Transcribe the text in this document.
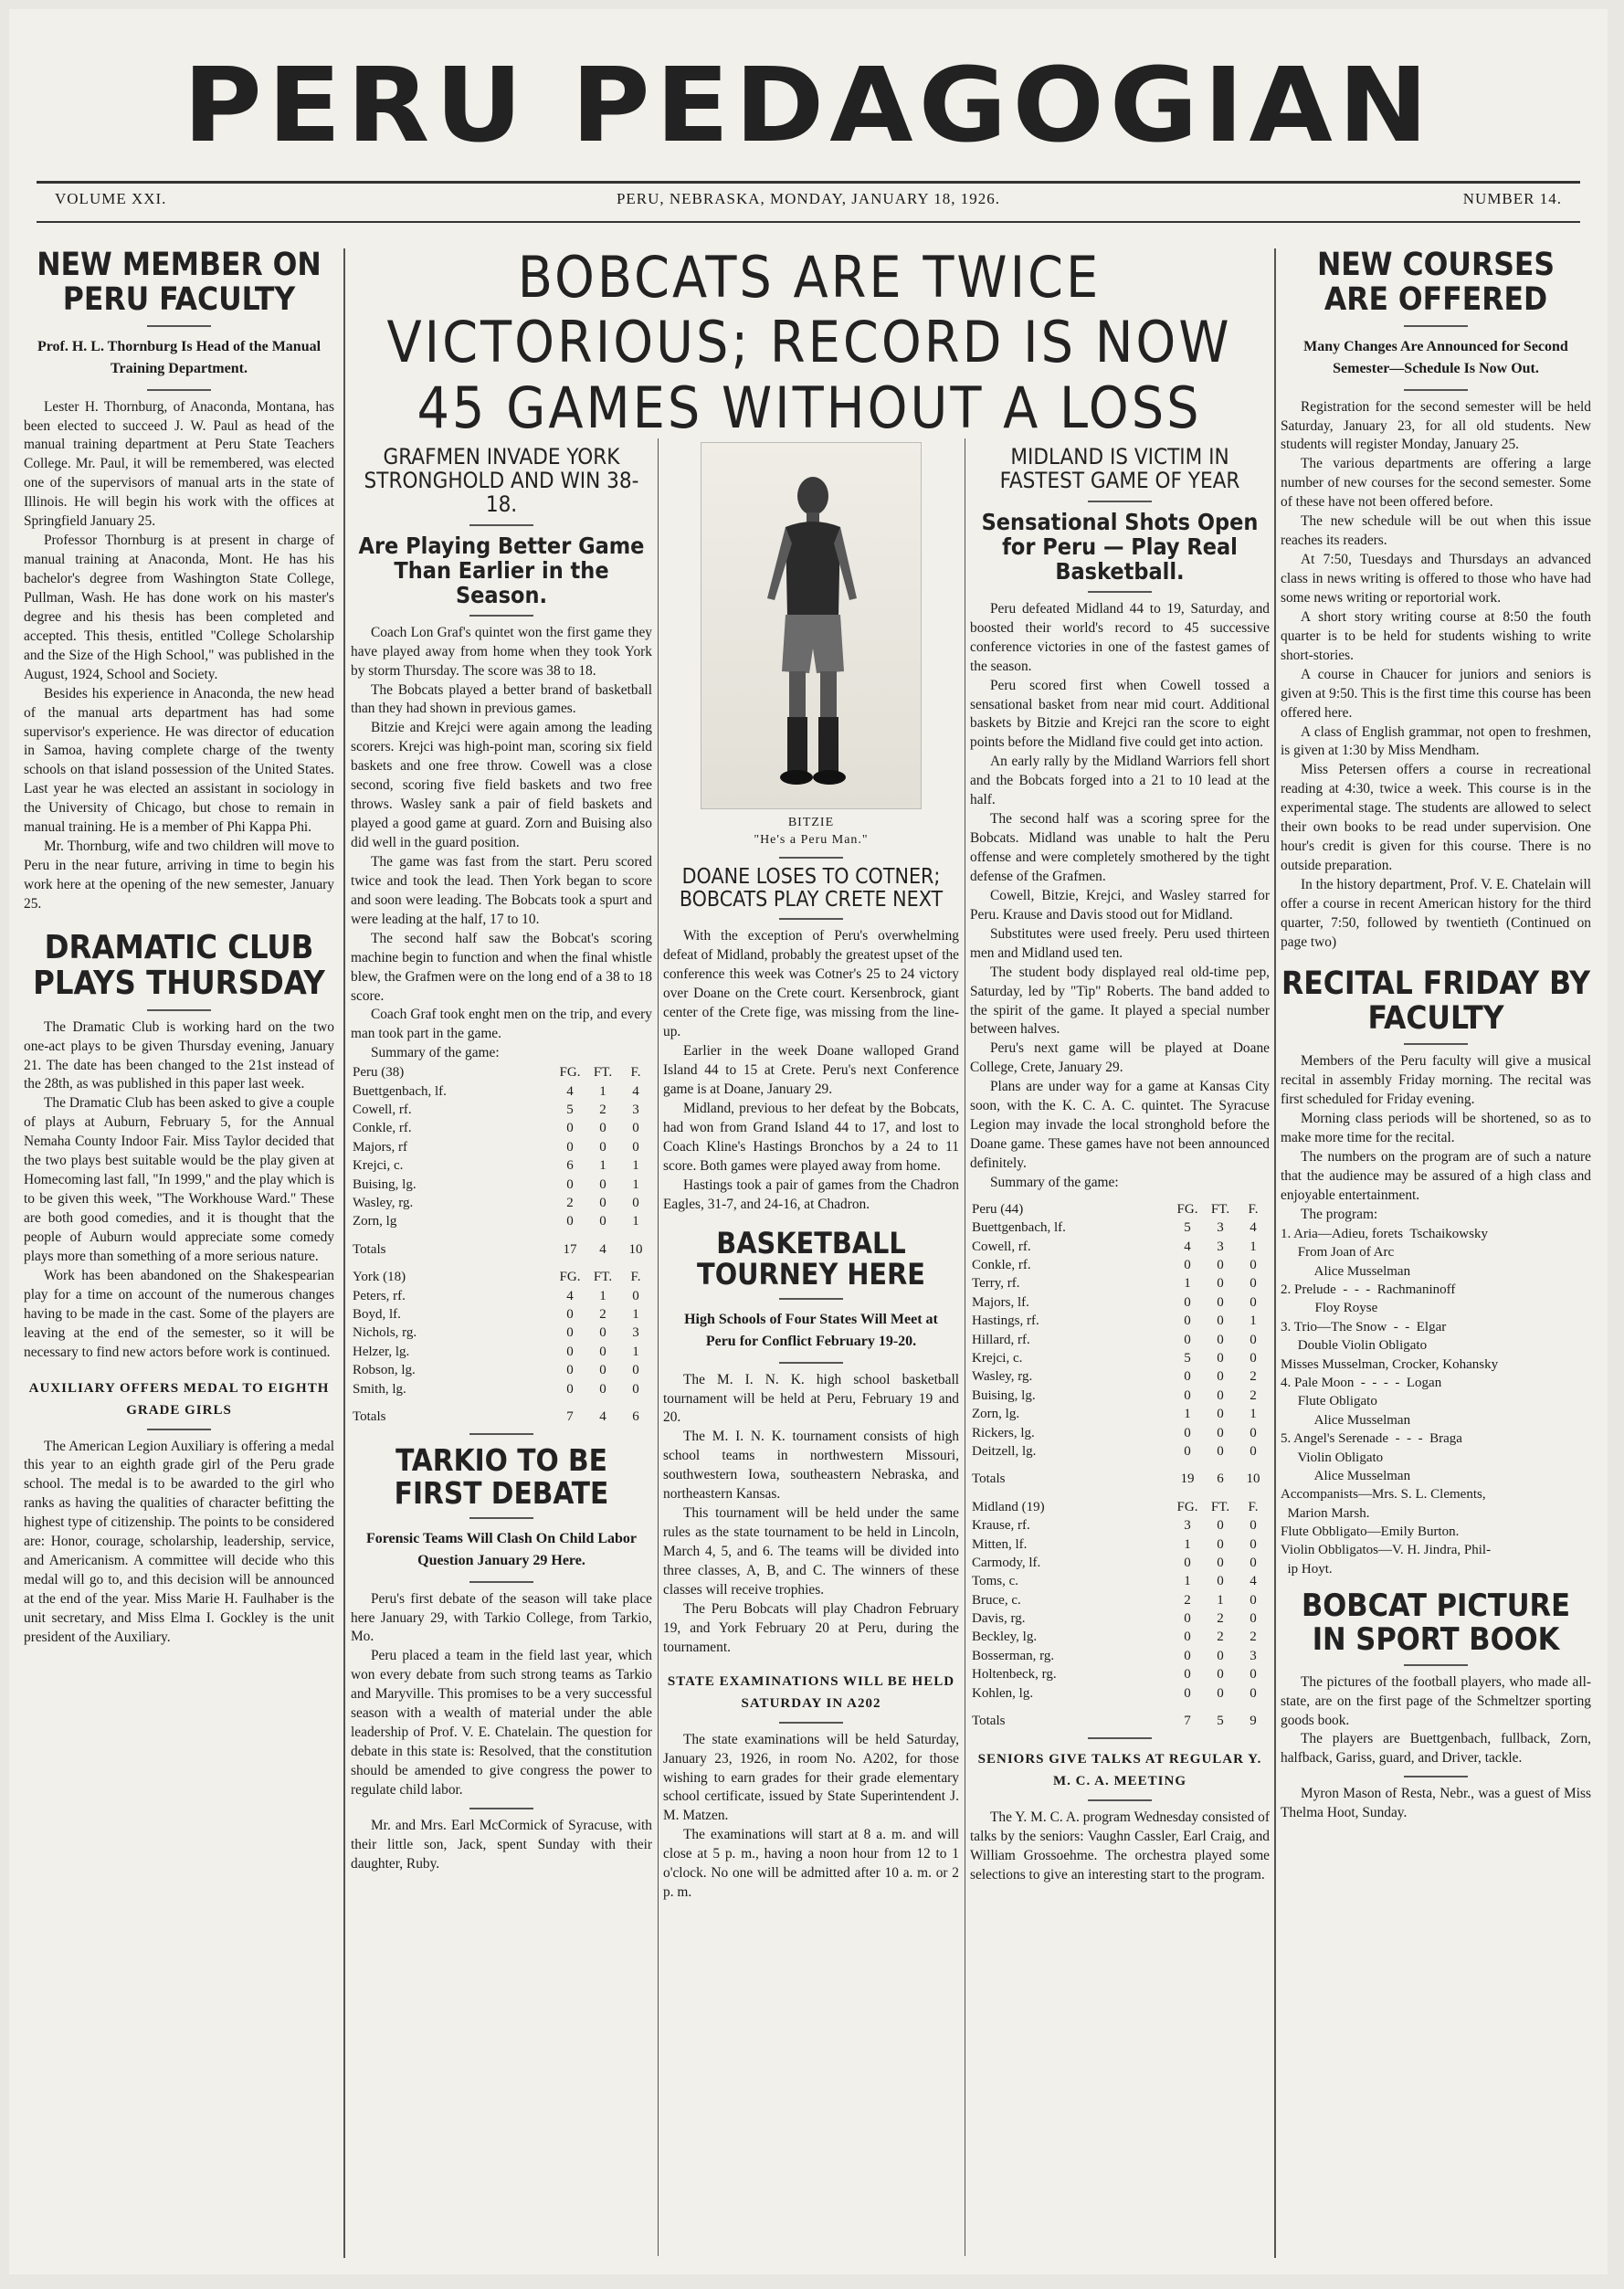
PERU PEDAGOGIAN
VOLUME XXI.	PERU, NEBRASKA, MONDAY, JANUARY 18, 1926.	NUMBER 14.
NEW MEMBER ON PERU FACULTY
Prof. H. L. Thornburg Is Head of the Manual Training Department.

Lester H. Thornburg, of Anaconda, Montana, has been elected to succeed J. W. Paul as head of the manual training department at Peru State Teachers College. Mr. Paul, it will be remembered, was elected one of the supervisors of manual arts in the state of Illinois. He will begin his work with the offices at Springfield January 25.

Professor Thornburg is at present in charge of manual training at Anaconda, Mont. He has his bachelor's degree from Washington State College, Pullman, Wash. He has done work on his master's degree and his thesis has been completed and accepted. This thesis, entitled "College Scholarship and the Size of the High School," was published in the August, 1924, School and Society.

Besides his experience in Anaconda, the new head of the manual arts department has had some supervisor's experience. He was director of education in Samoa, having complete charge of the twenty schools on that island possession of the United States. Last year he was elected an assistant in sociology in the University of Chicago, but chose to remain in manual training. He is a member of Phi Kappa Phi.

Mr. Thornburg, wife and two children will move to Peru in the near future, arriving in time to begin his work here at the opening of the new semester, January 25.

DRAMATIC CLUB PLAYS THURSDAY

The Dramatic Club is working hard on the two one-act plays to be given Thursday evening, January 21. The date has been changed to the 21st instead of the 28th, as was published in this paper last week.

The Dramatic Club has been asked to give a couple of plays at Auburn, February 5, for the Annual Nemaha County Indoor Fair. Miss Taylor decided that the two plays best suitable would be the play given at Homecoming last fall, "In 1999," and the play which is to be given this week, "The Workhouse Ward." These are both good comedies, and it is thought that the people of Auburn would appreciate some comedy plays more than something of a more serious nature.

Work has been abandoned on the Shakespearian play for a time on account of the numerous changes having to be made in the cast. Some of the players are leaving at the end of the semester, so it will be necessary to find new actors before work is continued.

AUXILIARY OFFERS MEDAL TO EIGHTH GRADE GIRLS

The American Legion Auxiliary is offering a medal this year to an eighth grade girl of the Peru grade school. The medal is to be awarded to the girl who ranks as having the qualities of character befitting the highest type of citizenship. The points to be considered are: Honor, courage, scholarship, leadership, service, and Americanism. A committee will decide who this medal will go to, and this decision will be announced at the end of the year. Miss Marie H. Faulhaber is the unit secretary, and Miss Elma I. Gockley is the unit president of the Auxiliary.

BOBCATS ARE TWICE VICTORIOUS; RECORD IS NOW 45 GAMES WITHOUT A LOSS
GRAFMEN INVADE YORK STRONGHOLD AND WIN 38-18.
Are Playing Better Game Than Earlier in the Season.

Coach Lon Graf's quintet won the first game they have played away from home when they took York by storm Thursday. The score was 38 to 18.

The Bobcats played a better brand of basketball than they had shown in previous games.

Bitzie and Krejci were again among the leading scorers. Krejci was high-point man, scoring six field baskets and one free throw. Cowell was a close second, scoring five field baskets and two free throws. Wasley sank a pair of field baskets and played a good game at guard. Zorn and Buising also did well in the guard position.

The game was fast from the start. Peru scored twice and took the lead. Then York began to score and soon were leading. The Bobcats took a spurt and were leading at the half, 17 to 10.

The second half saw the Bobcat's scoring machine begin to function and when the final whistle blew, the Grafmen were on the long end of a 38 to 18 score.

Coach Graf took enght men on the trip, and every man took part in the game.

Summary of the game:

Peru (38)	FG.	FT.	F.
Buettgenbach, lf.	4	1	4
Cowell, rf.	5	2	3
Conkle, rf.	0	0	0
Majors, rf	0	0	0
Krejci, c.	6	1	1
Buising, lg.	0	0	1
Wasley, rg.	2	0	0
Zorn, lg	0	0	1
Totals	17	4	10
York (18)	FG.	FT.	F.
Peters, rf.	4	1	0
Boyd, lf.	0	2	1
Nichols, rg.	0	0	3
Helzer, lg.	0	0	1
Robson, lg.	0	0	0
Smith, lg.	0	0	0
Totals	7	4	6
TARKIO TO BE FIRST DEBATE
Forensic Teams Will Clash On Child Labor Question January 29 Here.

Peru's first debate of the season will take place here January 29, with Tarkio College, from Tarkio, Mo.

Peru placed a team in the field last year, which won every debate from such strong teams as Tarkio and Maryville. This promises to be a very successful season with a wealth of material under the able leadership of Prof. V. E. Chatelain. The question for debate in this state is: Resolved, that the constitution should be amended to give congress the power to regulate child labor.

Mr. and Mrs. Earl McCormick of Syracuse, with their little son, Jack, spent Sunday with their daughter, Ruby.

BITZIE
"He's a Peru Man."
DOANE LOSES TO COTNER; BOBCATS PLAY CRETE NEXT

With the exception of Peru's overwhelming defeat of Midland, probably the greatest upset of the conference this week was Cotner's 25 to 24 victory over Doane on the Crete court. Kersenbrock, giant center of the Crete fige, was missing from the line-up.

Earlier in the week Doane walloped Grand Island 44 to 15 at Crete. Peru's next Conference game is at Doane, January 29.

Midland, previous to her defeat by the Bobcats, had won from Grand Island 44 to 17, and lost to Coach Kline's Hastings Bronchos by a 24 to 11 score. Both games were played away from home.

Hastings took a pair of games from the Chadron Eagles, 31-7, and 24-16, at Chadron.

BASKETBALL TOURNEY HERE
High Schools of Four States Will Meet at Peru for Conflict February 19-20.

The M. I. N. K. high school basketball tournament will be held at Peru, February 19 and 20.

The M. I. N. K. tournament consists of high school teams in northwestern Missouri, southwestern Iowa, southeastern Nebraska, and northeastern Kansas.

This tournament will be held under the same rules as the state tournament to be held in Lincoln, March 4, 5, and 6. The teams will be divided into three classes, A, B, and C. The winners of these classes will receive trophies.

The Peru Bobcats will play Chadron February 19, and York February 20 at Peru, during the tournament.

STATE EXAMINATIONS WILL BE HELD SATURDAY IN A202

The state examinations will be held Saturday, January 23, 1926, in room No. A202, for those wishing to earn grades for their grade elementary school certificate, issued by State Superintendent J. M. Matzen.

The examinations will start at 8 a. m. and will close at 5 p. m., having a noon hour from 12 to 1 o'clock. No one will be admitted after 10 a. m. or 2 p. m.

MIDLAND IS VICTIM IN FASTEST GAME OF YEAR
Sensational Shots Open for Peru — Play Real Basketball.

Peru defeated Midland 44 to 19, Saturday, and boosted their world's record to 45 successive conference victories in one of the fastest games of the season.

Peru scored first when Cowell tossed a sensational basket from near mid court. Additional baskets by Bitzie and Krejci ran the score to eight points before the Midland five could get into action.

An early rally by the Midland Warriors fell short and the Bobcats forged into a 21 to 10 lead at the half.

The second half was a scoring spree for the Bobcats. Midland was unable to halt the Peru offense and were completely smothered by the tight defense of the Grafmen.

Cowell, Bitzie, Krejci, and Wasley starred for Peru. Krause and Davis stood out for Midland.

Substitutes were used freely. Peru used thirteen men and Midland used ten.

The student body displayed real old-time pep, Saturday, led by "Tip" Roberts. The band added to the spirit of the game. It played a special number between halves.

Peru's next game will be played at Doane College, Crete, January 29.

Plans are under way for a game at Kansas City soon, with the K. C. A. C. quintet. The Syracuse Legion may invade the local stronghold before the Doane game. These games have not been announced definitely.

Summary of the game:

Peru (44)	FG.	FT.	F.
Buettgenbach, lf.	5	3	4
Cowell, rf.	4	3	1
Conkle, rf.	0	0	0
Terry, rf.	1	0	0
Majors, lf.	0	0	0
Hastings, rf.	0	0	1
Hillard, rf.	0	0	0
Krejci, c.	5	0	0
Wasley, rg.	0	0	2
Buising, lg.	0	0	2
Zorn, lg.	1	0	1
Rickers, lg.	0	0	0
Deitzell, lg.	0	0	0
Totals	19	6	10
Midland (19)	FG.	FT.	F.
Krause, rf.	3	0	0
Mitten, lf.	1	0	0
Carmody, lf.	0	0	0
Toms, c.	1	0	4
Bruce, c.	2	1	0
Davis, rg.	0	2	0
Beckley, lg.	0	2	2
Bosserman, rg.	0	0	3
Holtenbeck, rg.	0	0	0
Kohlen, lg.	0	0	0
Totals	7	5	9
SENIORS GIVE TALKS AT REGULAR Y. M. C. A. MEETING

The Y. M. C. A. program Wednesday consisted of talks by the seniors: Vaughn Cassler, Earl Craig, and William Grossoehme. The orchestra played some selections to give an interesting start to the program.

NEW COURSES ARE OFFERED
Many Changes Are Announced for Second Semester—Schedule Is Now Out.

Registration for the second semester will be held Saturday, January 23, for all old students. New students will register Monday, January 25.

The various departments are offering a large number of new courses for the second semester. Some of these have not been offered before.

The new schedule will be out when this issue reaches its readers.

At 7:50, Tuesdays and Thursdays an advanced class in news writing is offered to those who have had some news writing or reportorial work.

A short story writing course at 8:50 the fouth quarter is to be held for students wishing to write short-stories.

A course in Chaucer for juniors and seniors is given at 9:50. This is the first time this course has been offered here.

A class of English grammar, not open to freshmen, is given at 1:30 by Miss Mendham.

Miss Petersen offers a course in recreational reading at 4:30, twice a week. This course is in the experimental stage. The students are allowed to select their own books to be read under supervision. One hour's credit is given for this course. There is no outside preparation.

In the history department, Prof. V. E. Chatelain will offer a course in recent American history for the third quarter, 7:50, followed by twentieth (Continued on page two)

RECITAL FRIDAY BY FACULTY

Members of the Peru faculty will give a musical recital in assembly Friday morning. The recital was first scheduled for Friday evening.

Morning class periods will be shortened, so as to make more time for the recital.

The numbers on the program are of such a nature that the audience may be assured of a high class and enjoyable entertainment.

The program:

1. Aria—Adieu, forets  Tschaikowsky
From Joan of Arc
Alice Musselman
2. Prelude  -  -  -  Rachmaninoff
Floy Royse
3. Trio—The Snow  -  -  Elgar
Double Violin Obligato
Misses Musselman, Crocker, Kohansky
4. Pale Moon  -  -  -  -  Logan
Flute Obligato
Alice Musselman
5. Angel's Serenade  -  -  -  Braga
Violin Obligato
Alice Musselman
Accompanists—Mrs. S. L. Clements,
Marion Marsh.
Flute Obbligato—Emily Burton.
Violin Obbligatos—V. H. Jindra, Phil-
ip Hoyt.
BOBCAT PICTURE IN SPORT BOOK

The pictures of the football players, who made all-state, are on the first page of the Schmeltzer sporting goods book.

The players are Buettgenbach, fullback, Zorn, halfback, Gariss, guard, and Driver, tackle.

Myron Mason of Resta, Nebr., was a guest of Miss Thelma Hoot, Sunday.
